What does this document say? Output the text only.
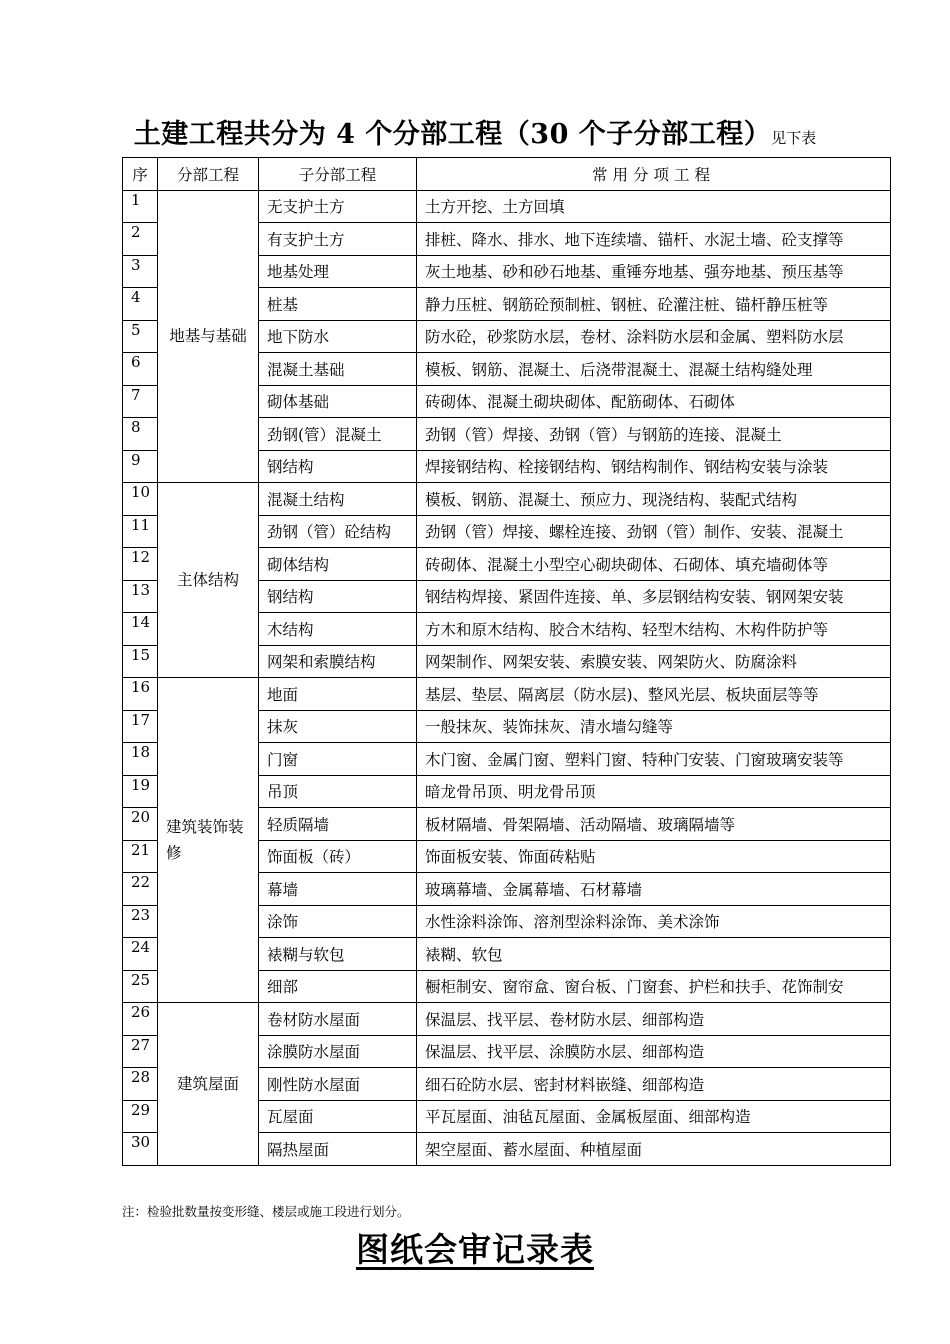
土建工程共分为 4 个分部工程（30 个子分部工程）见下表
序	分部工程	子分部工程	常用分项工程
1	地基与基础	无支护土方	土方开挖、土方回填
2		有支护土方	排桩、降水、排水、地下连续墙、锚杆、水泥土墙、砼支撑等
3		地基处理	灰土地基、砂和砂石地基、重锤夯地基、强夯地基、预压基等
4		桩基	静力压桩、钢筋砼预制桩、钢桩、砼灌注桩、锚杆静压桩等
5		地下防水	防水砼，砂浆防水层，卷材、涂料防水层和金属、塑料防水层
6		混凝土基础	模板、钢筋、混凝土、后浇带混凝土、混凝土结构缝处理
7		砌体基础	砖砌体、混凝土砌块砌体、配筋砌体、石砌体
8		劲钢(管）混凝土	劲钢（管）焊接、劲钢（管）与钢筋的连接、混凝土
9		钢结构	焊接钢结构、栓接钢结构、钢结构制作、钢结构安装与涂装
10	主体结构	混凝土结构	模板、钢筋、混凝土、预应力、现浇结构、装配式结构
11		劲钢（管）砼结构	劲钢（管）焊接、螺栓连接、劲钢（管）制作、安装、混凝土
12		砌体结构	砖砌体、混凝土小型空心砌块砌体、石砌体、填充墙砌体等
13		钢结构	钢结构焊接、紧固件连接、单、多层钢结构安装、钢网架安装
14		木结构	方木和原木结构、胶合木结构、轻型木结构、木构件防护等
15		网架和索膜结构	网架制作、网架安装、索膜安装、网架防火、防腐涂料
16	建筑装饰装修	地面	基层、垫层、隔离层（防水层)、整风光层、板块面层等等
17		抹灰	一般抹灰、装饰抹灰、清水墙勾缝等
18		门窗	木门窗、金属门窗、塑料门窗、特种门安装、门窗玻璃安装等
19		吊顶	暗龙骨吊顶、明龙骨吊顶
20		轻质隔墙	板材隔墙、骨架隔墙、活动隔墙、玻璃隔墙等
21		饰面板（砖）	饰面板安装、饰面砖粘贴
22		幕墙	玻璃幕墙、金属幕墙、石材幕墙
23		涂饰	水性涂料涂饰、溶剂型涂料涂饰、美术涂饰
24		裱糊与软包	裱糊、软包
25		细部	橱柜制安、窗帘盒、窗台板、门窗套、护栏和扶手、花饰制安
26	建筑屋面	卷材防水屋面	保温层、找平层、卷材防水层、细部构造
27		涂膜防水屋面	保温层、找平层、涂膜防水层、细部构造
28		刚性防水屋面	细石砼防水层、密封材料嵌缝、细部构造
29		瓦屋面	平瓦屋面、油毡瓦屋面、金属板屋面、细部构造
30		隔热屋面	架空屋面、蓄水屋面、种植屋面
注：检验批数量按变形缝、楼层或施工段进行划分。
图纸会审记录表
